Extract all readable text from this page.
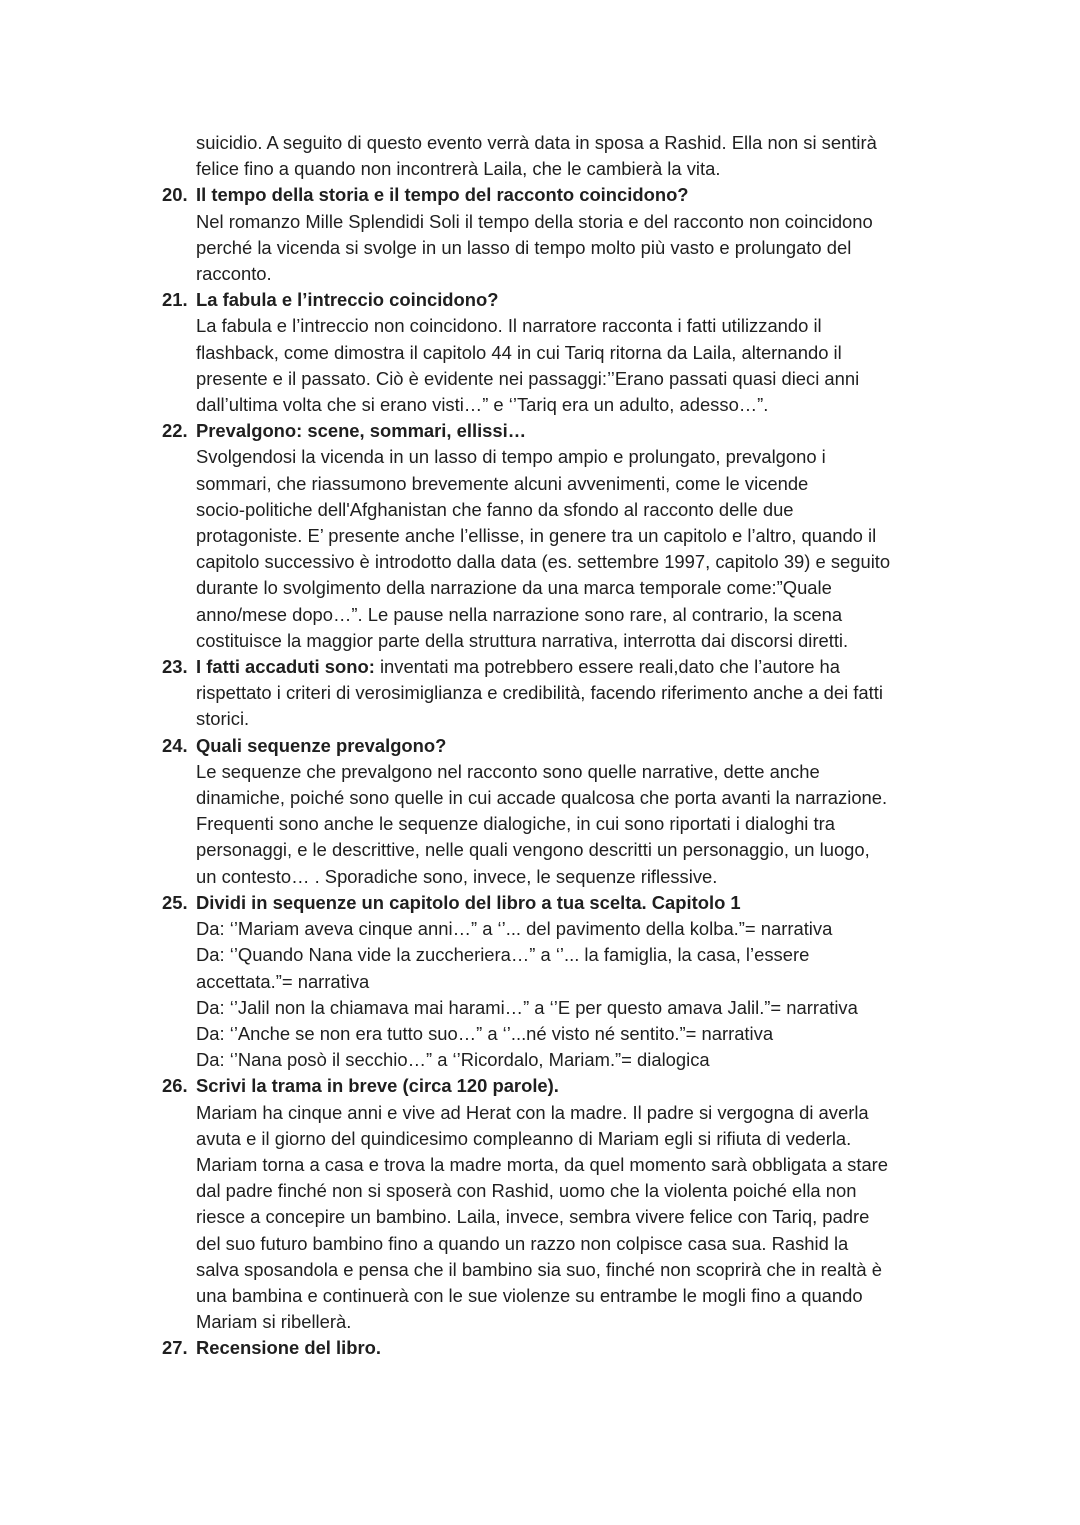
suicidio. A seguito di questo evento verrà data in sposa a Rashid. Ella non si sentirà
felice fino a quando non incontrerà Laila, che le cambierà la vita.
20. Il tempo della storia e il tempo del racconto coincidono?
Nel romanzo Mille Splendidi Soli il tempo della storia e del racconto non coincidono
perché la vicenda si svolge in un lasso di tempo molto più vasto e prolungato del
racconto.
21. La fabula e l’intreccio coincidono?
La fabula e l’intreccio non coincidono. Il narratore racconta i fatti utilizzando il
flashback, come dimostra il capitolo 44 in cui Tariq ritorna da Laila, alternando il
presente e il passato. Ciò è evidente nei passaggi:’’Erano passati quasi dieci anni
dall’ultima volta che si erano visti…” e ‘’Tariq era un adulto, adesso…”.
22. Prevalgono: scene, sommari, ellissi…
Svolgendosi la vicenda in un lasso di tempo ampio e prolungato, prevalgono i
sommari, che riassumono brevemente alcuni avvenimenti, come le vicende
socio-politiche dell'Afghanistan che fanno da sfondo al racconto delle due
protagoniste. E’ presente anche l’ellisse, in genere tra un capitolo e l’altro, quando il
capitolo successivo è introdotto dalla data (es. settembre 1997, capitolo 39) e seguito
durante lo svolgimento della narrazione da una marca temporale come:”Quale
anno/mese dopo…”. Le pause nella narrazione sono rare, al contrario, la scena
costituisce la maggior parte della struttura narrativa, interrotta dai discorsi diretti.
23. I fatti accaduti sono: inventati ma potrebbero essere reali,dato che l’autore ha
rispettato i criteri di verosimiglianza e credibilità, facendo riferimento anche a dei fatti
storici.
24. Quali sequenze prevalgono?
Le sequenze che prevalgono nel racconto sono quelle narrative, dette anche
dinamiche, poiché sono quelle in cui accade qualcosa che porta avanti la narrazione.
Frequenti sono anche le sequenze dialogiche, in cui sono riportati i dialoghi tra
personaggi, e le descrittive, nelle quali vengono descritti un personaggio, un luogo,
un contesto… . Sporadiche sono, invece, le sequenze riflessive.
25. Dividi in sequenze un capitolo del libro a tua scelta. Capitolo 1
Da: ‘’Mariam aveva cinque anni…” a ‘’... del pavimento della kolba.”= narrativa
Da: ‘’Quando Nana vide la zuccheriera…” a ‘’... la famiglia, la casa, l’essere
accettata.”= narrativa
Da: ‘’Jalil non la chiamava mai harami…” a ‘’E per questo amava Jalil.”= narrativa
Da: ‘’Anche se non era tutto suo…” a ‘’...né visto né sentito.”= narrativa
Da: ‘’Nana posò il secchio…” a ‘’Ricordalo, Mariam.”= dialogica
26. Scrivi la trama in breve (circa 120 parole).
Mariam ha cinque anni e vive ad Herat con la madre. Il padre si vergogna di averla
avuta e il giorno del quindicesimo compleanno di Mariam egli si rifiuta di vederla.
Mariam torna a casa e trova la madre morta, da quel momento sarà obbligata a stare
dal padre finché non si sposerà con Rashid, uomo che la violenta poiché ella non
riesce a concepire un bambino. Laila, invece, sembra vivere felice con Tariq, padre
del suo futuro bambino fino a quando un razzo non colpisce casa sua. Rashid la
salva sposandola e pensa che il bambino sia suo, finché non scoprirà che in realtà è
una bambina e continuerà con le sue violenze su entrambe le mogli fino a quando
Mariam si ribellerà.
27. Recensione del libro.
